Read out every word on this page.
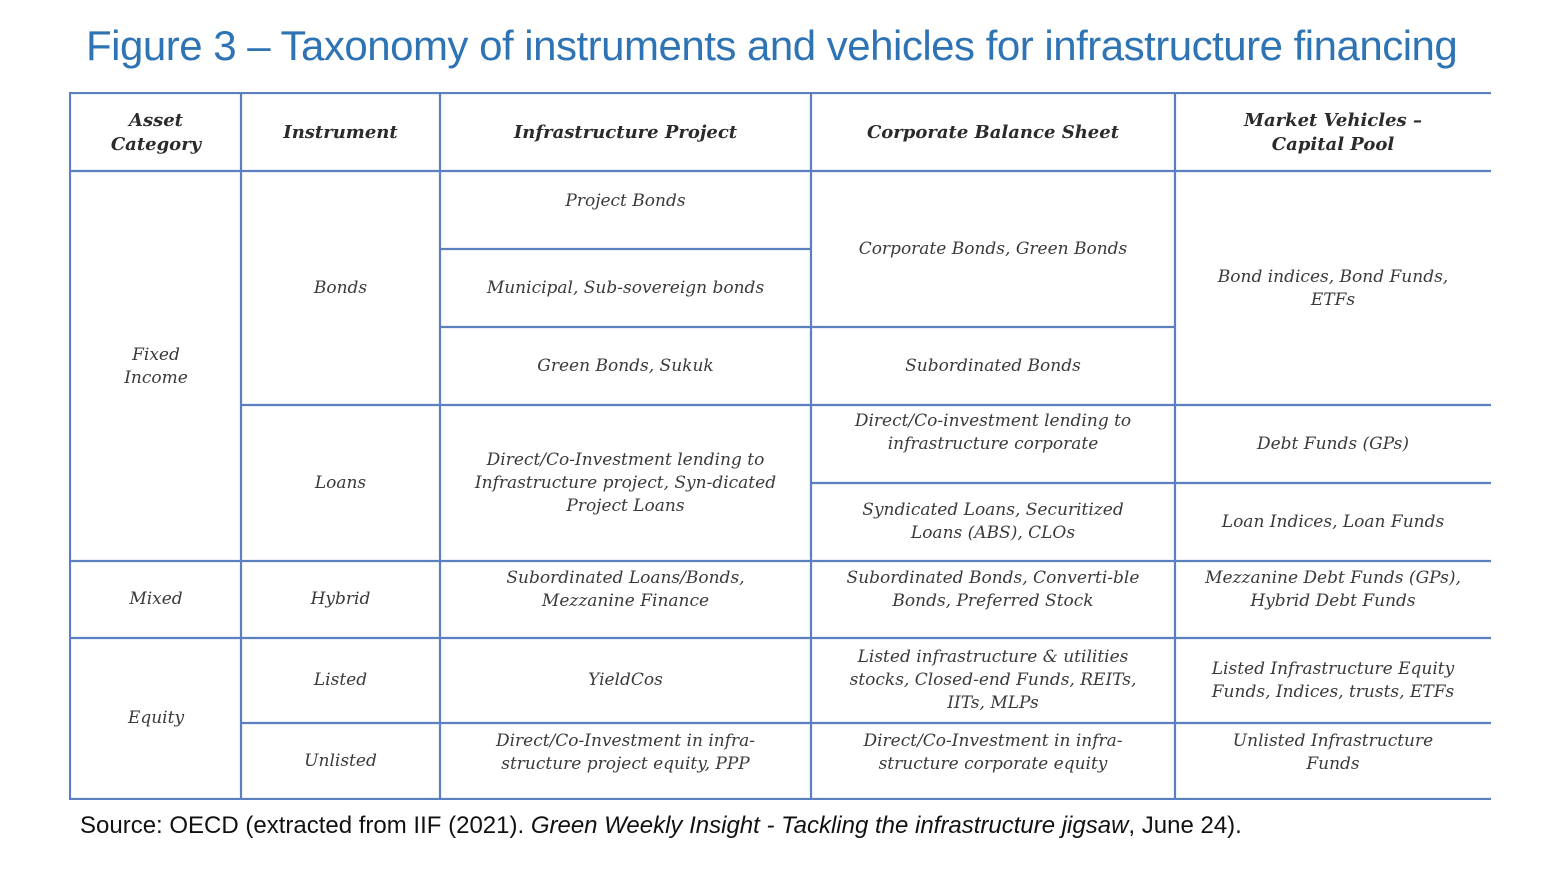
Figure 3 – Taxonomy of instruments and vehicles for infrastructure financing
Asset Category
Instrument	Infrastructure Project	Corporate Balance Sheet
Market Vehicles – Capital Pool
Fixed Income
Mixed
Equity
Bonds
Loans
Hybrid
Listed
Unlisted
Project Bonds
Municipal, Sub-sovereign bonds
Green Bonds, Sukuk
Direct/Co-Investment lending to Infrastructure project, Syn-dicated Project Loans
Subordinated Loans/Bonds, Mezzanine Finance
YieldCos
Direct/Co-Investment in infra-structure project equity, PPP
Corporate Bonds, Green Bonds
Subordinated Bonds
Direct/Co-investment lending to infrastructure corporate
Syndicated Loans, Securitized Loans (ABS), CLOs
Subordinated Bonds, Converti-ble Bonds, Preferred Stock
Listed infrastructure & utilities stocks, Closed-end Funds, REITs, IITs, MLPs
Direct/Co-Investment in infra-structure corporate equity
Bond indices, Bond Funds, ETFs
Debt Funds (GPs)
Loan Indices, Loan Funds
Mezzanine Debt Funds (GPs), Hybrid Debt Funds
Listed Infrastructure Equity Funds, Indices, trusts, ETFs
Unlisted Infrastructure Funds
Source: OECD (extracted from IIF (2021). Green Weekly Insight - Tackling the infrastructure jigsaw, June 24).
